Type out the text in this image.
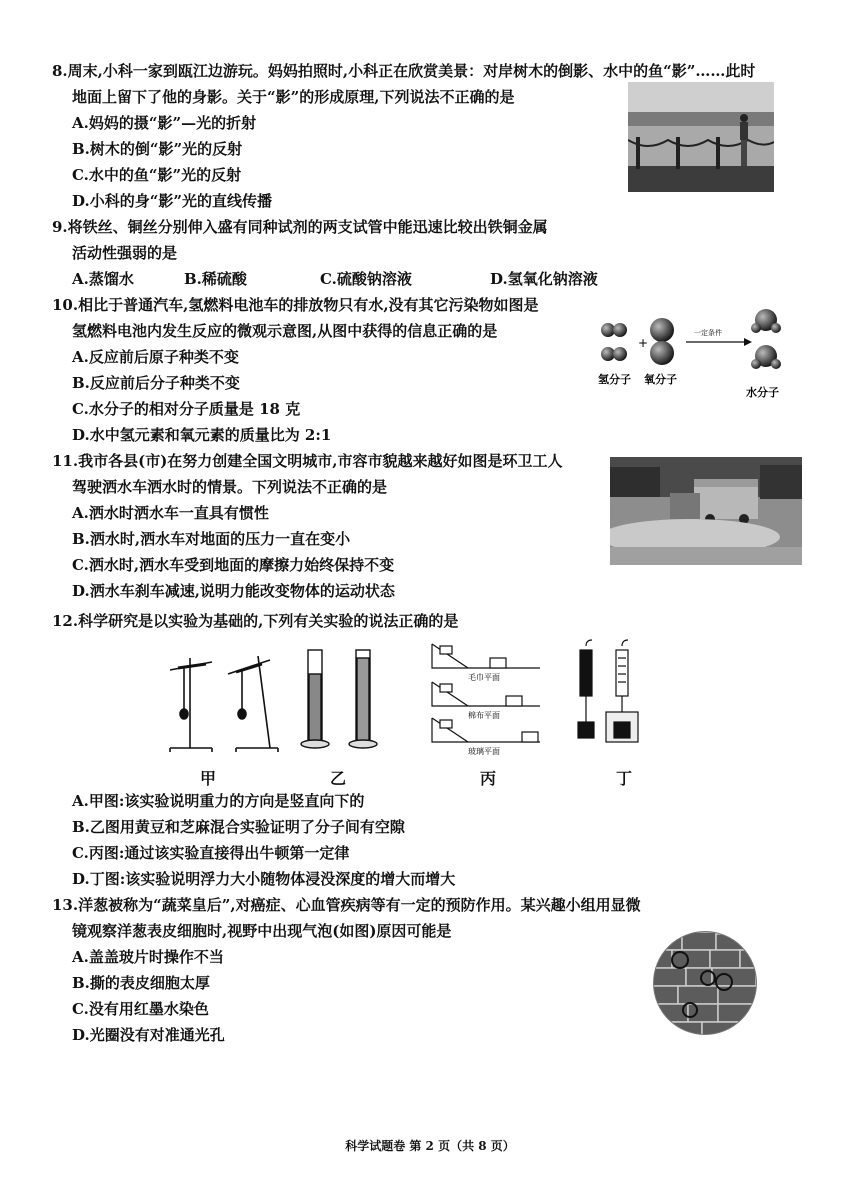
8.周末,小科一家到瓯江边游玩。妈妈拍照时,小科正在欣赏美景：对岸树木的倒影、水中的鱼“影”……此时
地面上留下了他的身影。关于“影”的形成原理,下列说法不正确的是
A.妈妈的摄“影”—光的折射
B.树木的倒“影”光的反射
C.水中的鱼“影”光的反射
D.小科的身“影”光的直线传播
9.将铁丝、铜丝分别伸入盛有同种试剂的两支试管中能迅速比较出铁铜金属
活动性强弱的是
A.蒸馏水	B.稀硫酸	C.硫酸钠溶液	D.氢氧化钠溶液
10.相比于普通汽车,氢燃料电池车的排放物只有水,没有其它污染物如图是
氢燃料电池内发生反应的微观示意图,从图中获得的信息正确的是
A.反应前后原子种类不变
B.反应前后分子种类不变
C.水分子的相对分子质量是 18 克
D.水中氢元素和氧元素的质量比为 2:1
+
一定条件
氢分子 氧分子
水分子
11.我市各县(市)在努力创建全国文明城市,市容市貌越来越好如图是环卫工人
驾驶洒水车洒水时的情景。下列说法不正确的是
A.洒水时洒水车一直具有惯性
B.洒水时,洒水车对地面的压力一直在变小
C.洒水时,洒水车受到地面的摩擦力始终保持不变
D.洒水车刹车减速,说明力能改变物体的运动状态
12.科学研究是以实验为基础的,下列有关实验的说法正确的是
毛巾平面
棉布平面
玻璃平面
甲	乙	丙	丁
A.甲图:该实验说明重力的方向是竖直向下的
B.乙图用黄豆和芝麻混合实验证明了分子间有空隙
C.丙图:通过该实验直接得出牛顿第一定律
D.丁图:该实验说明浮力大小随物体浸没深度的增大而增大
13.洋葱被称为“蔬菜皇后”,对癌症、心血管疾病等有一定的预防作用。某兴趣小组用显微
镜观察洋葱表皮细胞时,视野中出现气泡(如图)原因可能是
A.盖盖玻片时操作不当
B.撕的表皮细胞太厚
C.没有用红墨水染色
D.光圈没有对准通光孔
科学试题卷 第 2 页（共 8 页）
